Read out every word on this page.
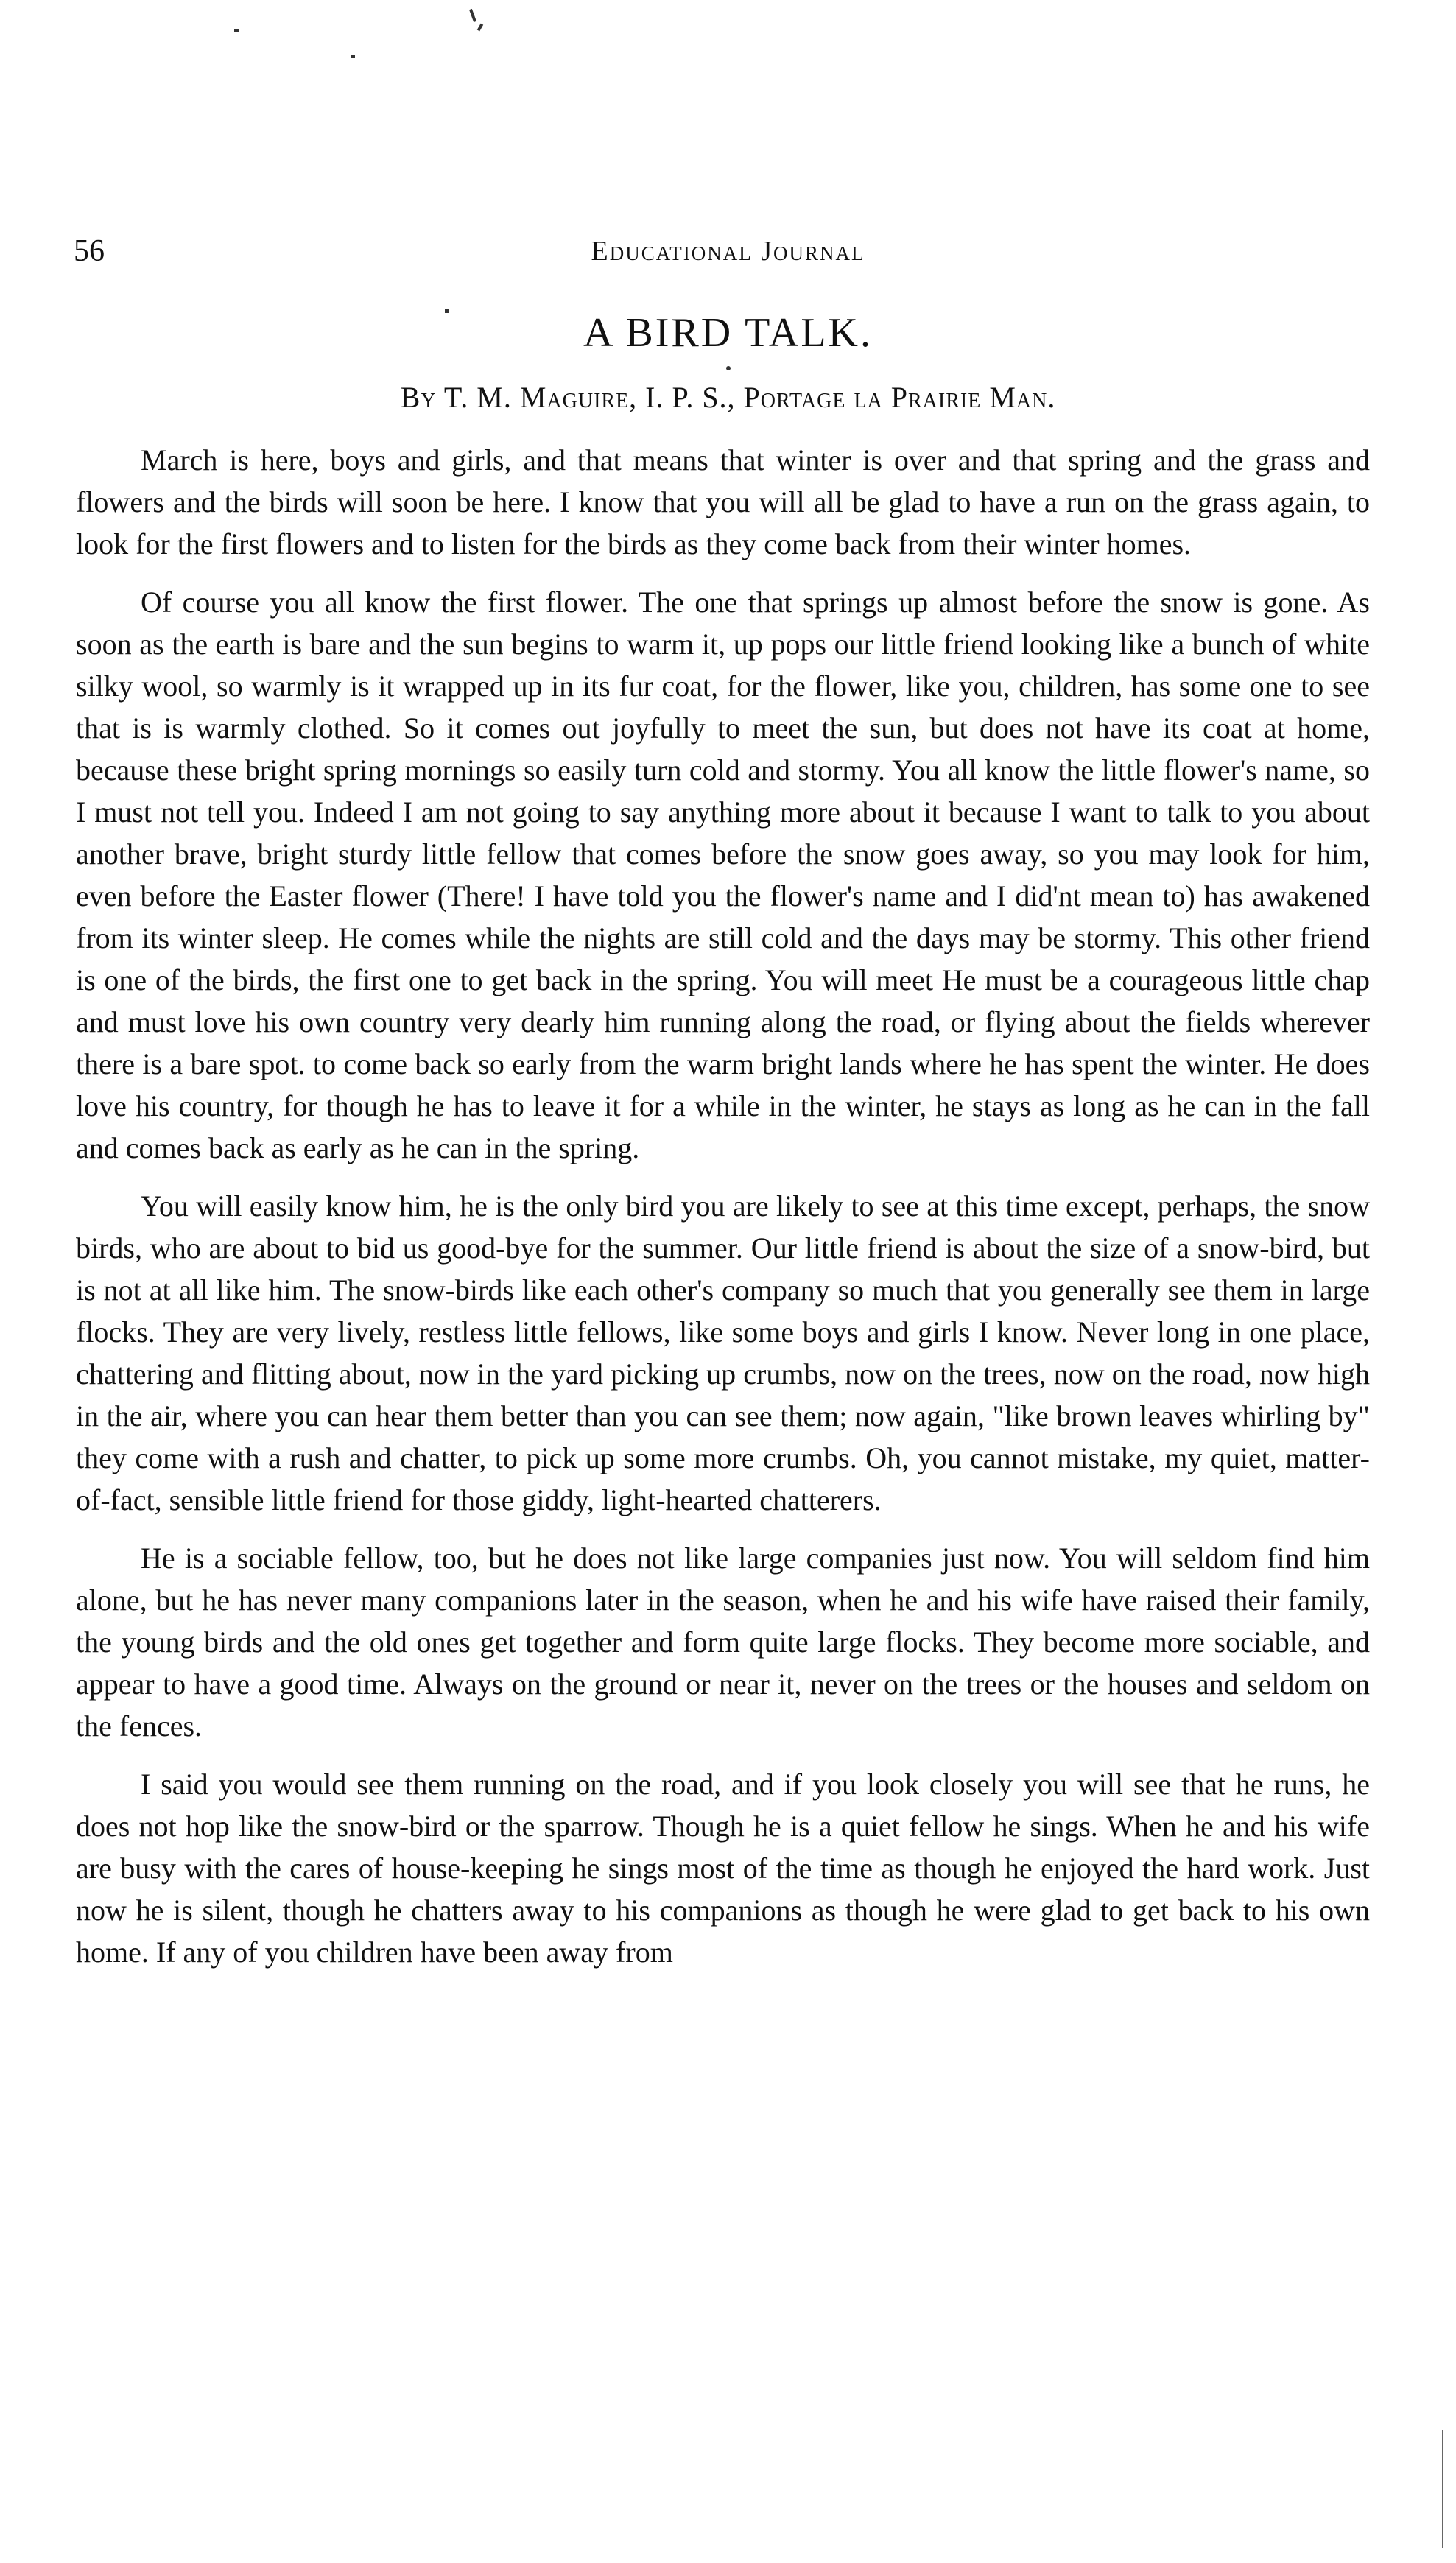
56	Educational Journal
A BIRD TALK.
By T. M. Maguire, I. P. S., Portage la Prairie Man.

March is here, boys and girls, and that means that winter is over and that spring and the grass and flowers and the birds will soon be here. I know that you will all be glad to have a run on the grass again, to look for the first flowers and to listen for the birds as they come back from their winter homes.

Of course you all know the first flower. The one that springs up almost before the snow is gone. As soon as the earth is bare and the sun begins to warm it, up pops our little friend looking like a bunch of white silky wool, so warmly is it wrapped up in its fur coat, for the flower, like you, children, has some one to see that is is warmly clothed. So it comes out joyfully to meet the sun, but does not have its coat at home, because these bright spring mornings so easily turn cold and stormy. You all know the little flower's name, so I must not tell you. Indeed I am not going to say anything more about it because I want to talk to you about another brave, bright sturdy little fellow that comes before the snow goes away, so you may look for him, even before the Easter flower (There! I have told you the flower's name and I did'nt mean to) has awakened from its winter sleep. He comes while the nights are still cold and the days may be stormy. This other friend is one of the birds, the first one to get back in the spring. You will meet He must be a courageous little chap and must love his own country very dearly him running along the road, or flying about the fields wherever there is a bare spot. to come back so early from the warm bright lands where he has spent the winter. He does love his country, for though he has to leave it for a while in the winter, he stays as long as he can in the fall and comes back as early as he can in the spring.

You will easily know him, he is the only bird you are likely to see at this time except, perhaps, the snow birds, who are about to bid us good-bye for the summer. Our little friend is about the size of a snow-bird, but is not at all like him. The snow-birds like each other's company so much that you generally see them in large flocks. They are very lively, restless little fellows, like some boys and girls I know. Never long in one place, chattering and flitting about, now in the yard picking up crumbs, now on the trees, now on the road, now high in the air, where you can hear them better than you can see them; now again, "like brown leaves whirling by" they come with a rush and chatter, to pick up some more crumbs. Oh, you cannot mistake, my quiet, matter-of-fact, sensible little friend for those giddy, light-hearted chatterers.

He is a sociable fellow, too, but he does not like large companies just now. You will seldom find him alone, but he has never many companions later in the season, when he and his wife have raised their family, the young birds and the old ones get together and form quite large flocks. They become more sociable, and appear to have a good time. Always on the ground or near it, never on the trees or the houses and seldom on the fences.

I said you would see them running on the road, and if you look closely you will see that he runs, he does not hop like the snow-bird or the sparrow. Though he is a quiet fellow he sings. When he and his wife are busy with the cares of house-keeping he sings most of the time as though he enjoyed the hard work. Just now he is silent, though he chatters away to his companions as though he were glad to get back to his own home. If any of you children have been away from
